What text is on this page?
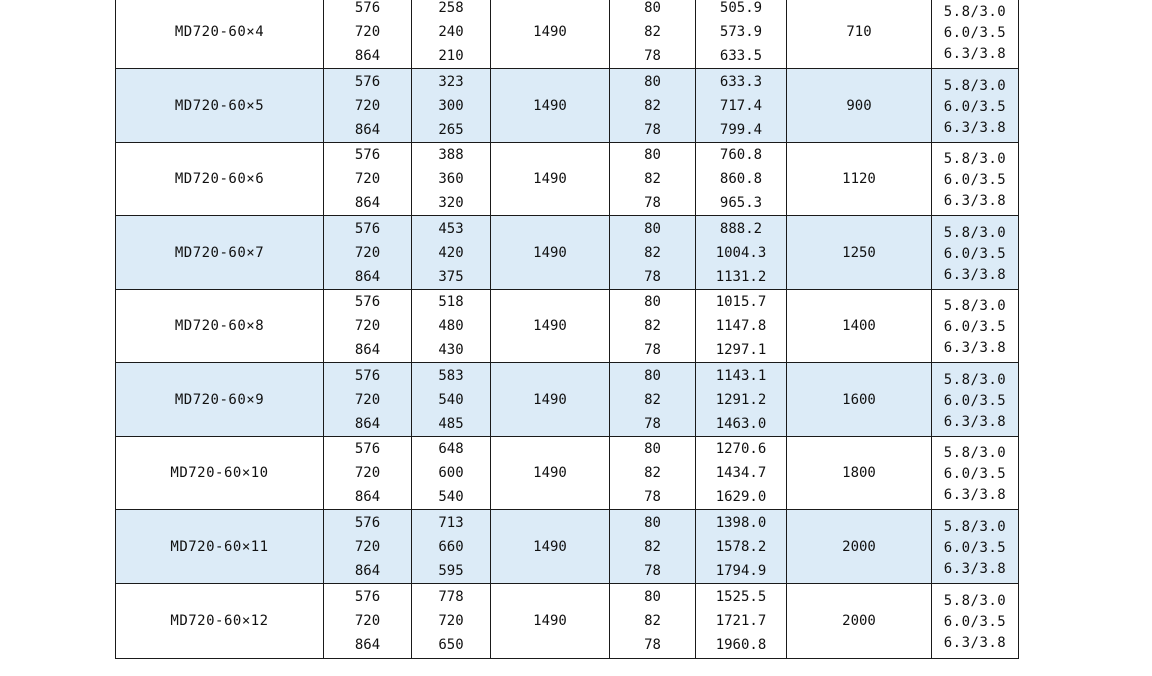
MD720-60×4	576
720
864	258
240
210	1490	80
82
78	505.9
573.9
633.5	710	5.8/3.0
6.0/3.5
6.3/3.8

MD720-60×5	576
720
864	323
300
265	1490	80
82
78	633.3
717.4
799.4	900	5.8/3.0
6.0/3.5
6.3/3.8

MD720-60×6	576
720
864	388
360
320	1490	80
82
78	760.8
860.8
965.3	1120	5.8/3.0
6.0/3.5
6.3/3.8

MD720-60×7	576
720
864	453
420
375	1490	80
82
78	888.2
1004.3
1131.2	1250	5.8/3.0
6.0/3.5
6.3/3.8

MD720-60×8	576
720
864	518
480
430	1490	80
82
78	1015.7
1147.8
1297.1	1400	5.8/3.0
6.0/3.5
6.3/3.8

MD720-60×9	576
720
864	583
540
485	1490	80
82
78	1143.1
1291.2
1463.0	1600	5.8/3.0
6.0/3.5
6.3/3.8

MD720-60×10	576
720
864	648
600
540	1490	80
82
78	1270.6
1434.7
1629.0	1800	5.8/3.0
6.0/3.5
6.3/3.8

MD720-60×11	576
720
864	713
660
595	1490	80
82
78	1398.0
1578.2
1794.9	2000	5.8/3.0
6.0/3.5
6.3/3.8

MD720-60×12	576
720
864	778
720
650	1490	80
82
78	1525.5
1721.7
1960.8	2000	5.8/3.0
6.0/3.5
6.3/3.8
